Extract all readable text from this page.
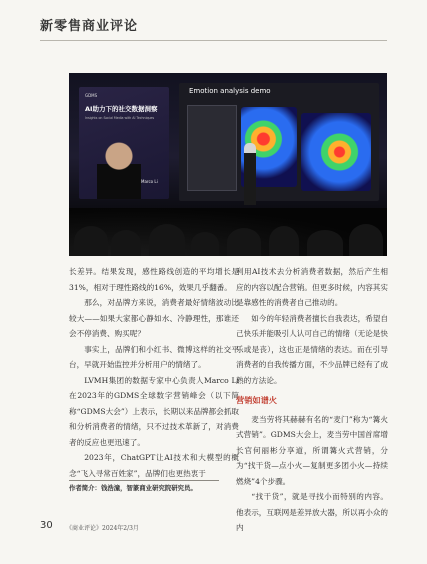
新零售商业评论
GDMS
AI助力下的社交数据洞察
Insights on Social Media with AI Techniques
Marco Li
Emotion analysis demo

长差异。结果发现，感性路线创造的平均增长是31%，相对于理性路线的16%，效果几乎翻番。

那么，对品牌方来说，消费者最好情绪波动比较大——如果大家都心静如水、冷静理性，那谁还会不停消费、购买呢？

事实上，品牌们和小红书、微博这样的社交平台，早就开始监控并分析用户的情绪了。

LVMH集团的数据专家中心负责人Marco Li在2023年的GDMS全球数字营销峰会（以下简称“GDMS大会”）上表示，长期以来品牌都会抓取和分析消费者的情绪，只不过技术革新了，对消费者的反应也更迅速了。

2023年，ChatGPT让AI技术和大模型的概念“飞入寻常百姓家”，品牌们也更热衷于

利用AI技术去分析消费者数据，然后产生相应的内容以配合营销。但更多时候，内容其实是靠感性的消费者自己推动的。

如今的年轻消费者擅长自我表达，希望自己快乐并能吸引人认可自己的情绪（无论是快乐或是丧），这也正是情绪的表达。而在引导消费者的自我传播方面，不少品牌已经有了成熟的方法论。

营销如谱火

麦当劳将其赫赫有名的“麦门”称为“篝火式营销”。GDMS大会上，麦当劳中国首席增长官何丽彬分享道，所谓篝火式营销，分为“找干货—点小火—复制更多团小火—持续燃烧”4个步骤。

“找干货”，就是寻找小而特别的内容。他表示，互联网是差异放大器，所以再小众的内

作者简介：钱浩潼，智篆商业研究院研究员。
30 《商业评论》2024年2/3月
